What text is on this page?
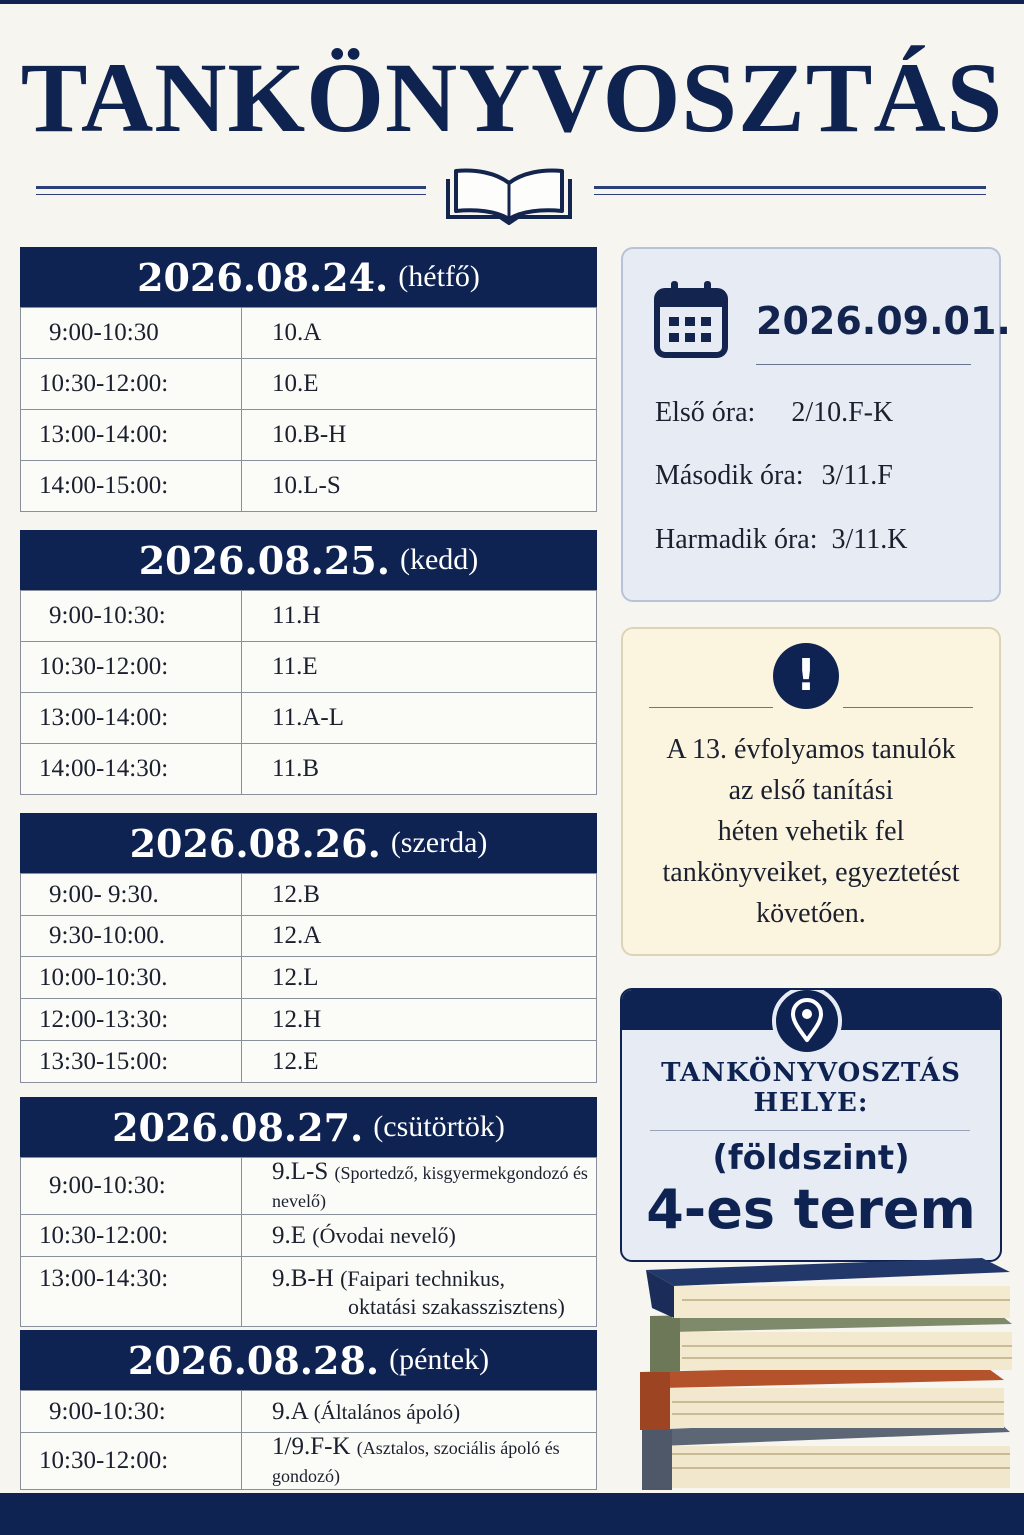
TANKÖNYVOSZTÁS
2026.08.24. (hétfő)
9:00-10:30	10.A
10:30-12:00:	10.E
13:00-14:00:	10.B-H
14:00-15:00:	10.L-S
2026.08.25. (kedd)
9:00-10:30:	11.H
10:30-12:00:	11.E
13:00-14:00:	11.A-L
14:00-14:30:	11.B
2026.08.26. (szerda)
9:00- 9:30.	12.B
9:30-10:00.	12.A
10:00-10:30.	12.L
12:00-13:30:	12.H
13:30-15:00:	12.E
2026.08.27. (csütörtök)
9:00-10:30:	9.L-S (Sportedző, kisgyermekgondozó és nevelő)
10:30-12:00:	9.E (Óvodai nevelő)
13:00-14:30:	9.B-H (Faipari technikus,
oktatási szakasszisztens)
2026.08.28. (péntek)
9:00-10:30:	9.A (Általános ápoló)
10:30-12:00:	1/9.F-K (Asztalos, szociális ápoló és gondozó)
2026.09.01.
Első óra: 2/10.F-K
Második óra: 3/11.F
Harmadik óra: 3/11.K
!
A 13. évfolyamos tanulók
az első tanítási
héten vehetik fel
tankönyveiket, egyeztetést
követően.
TANKÖNYVOSZTÁS
HELYE:
(földszint)
4-es terem
